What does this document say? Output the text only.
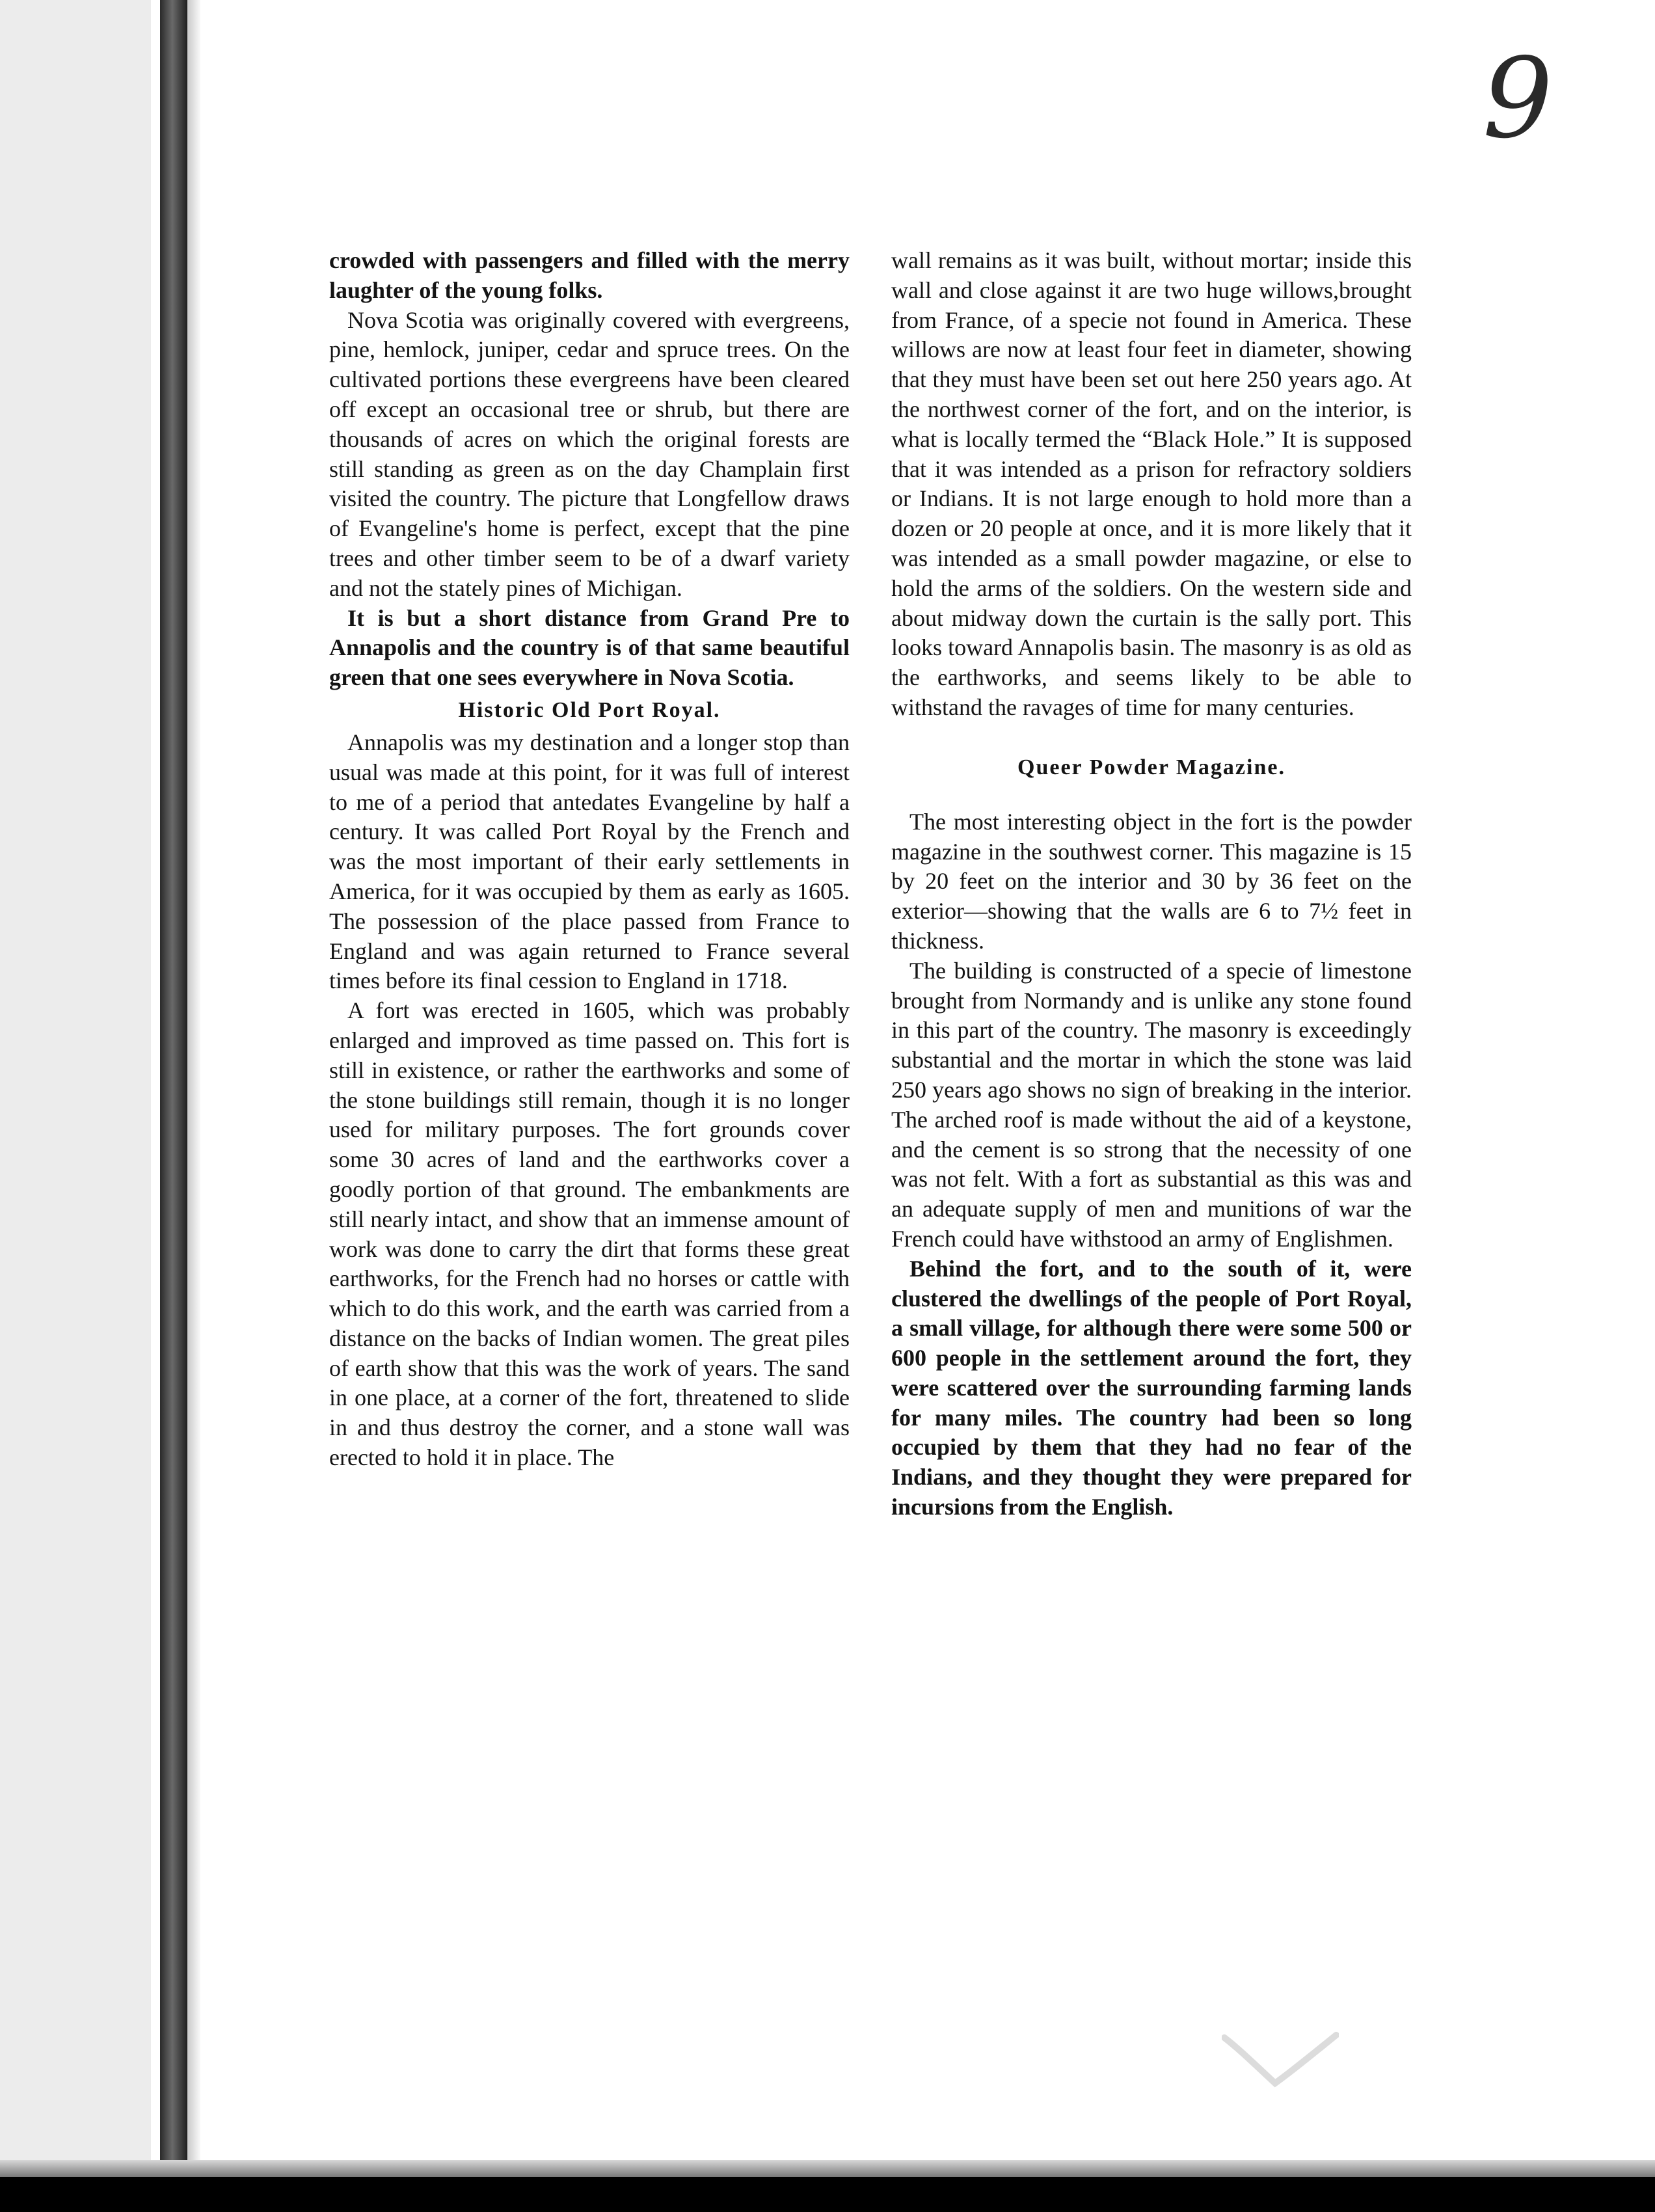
9

crowded with passengers and filled with the merry laughter of the young folks.

Nova Scotia was originally covered with evergreens, pine, hemlock, juniper, cedar and spruce trees. On the cultivated portions these evergreens have been cleared off except an occasional tree or shrub, but there are thousands of acres on which the original forests are still standing as green as on the day Champlain first visited the country. The picture that Longfellow draws of Evangeline's home is perfect, except that the pine trees and other timber seem to be of a dwarf variety and not the stately pines of Michigan.

It is but a short distance from Grand Pre to Annapolis and the country is of that same beautiful green that one sees everywhere in Nova Scotia.

Historic Old Port Royal.

Annapolis was my destination and a longer stop than usual was made at this point, for it was full of interest to me of a period that antedates Evangeline by half a century. It was called Port Royal by the French and was the most important of their early settlements in America, for it was occupied by them as early as 1605. The possession of the place passed from France to England and was again returned to France several times before its final cession to England in 1718.

A fort was erected in 1605, which was probably enlarged and improved as time passed on. This fort is still in existence, or rather the earthworks and some of the stone buildings still remain, though it is no longer used for military purposes. The fort grounds cover some 30 acres of land and the earthworks cover a goodly portion of that ground. The embankments are still nearly intact, and show that an immense amount of work was done to carry the dirt that forms these great earthworks, for the French had no horses or cattle with which to do this work, and the earth was carried from a distance on the backs of Indian women. The great piles of earth show that this was the work of years. The sand in one place, at a corner of the fort, threatened to slide in and thus destroy the corner, and a stone wall was erected to hold it in place. The

wall remains as it was built, without mortar; inside this wall and close against it are two huge willows,brought from France, of a specie not found in America. These willows are now at least four feet in diameter, showing that they must have been set out here 250 years ago. At the northwest corner of the fort, and on the interior, is what is locally termed the “Black Hole.” It is supposed that it was intended as a prison for refractory soldiers or Indians. It is not large enough to hold more than a dozen or 20 people at once, and it is more likely that it was intended as a small powder magazine, or else to hold the arms of the soldiers. On the western side and about midway down the curtain is the sally port. This looks toward Annapolis basin. The masonry is as old as the earthworks, and seems likely to be able to withstand the ravages of time for many centuries.

Queer Powder Magazine.

The most interesting object in the fort is the powder magazine in the southwest corner. This magazine is 15 by 20 feet on the interior and 30 by 36 feet on the exterior—showing that the walls are 6 to 7½ feet in thickness.

The building is constructed of a specie of limestone brought from Normandy and is unlike any stone found in this part of the country. The masonry is exceedingly substantial and the mortar in which the stone was laid 250 years ago shows no sign of breaking in the interior. The arched roof is made without the aid of a keystone, and the cement is so strong that the necessity of one was not felt. With a fort as substantial as this was and an adequate supply of men and munitions of war the French could have withstood an army of Englishmen.

Behind the fort, and to the south of it, were clustered the dwellings of the people of Port Royal, a small village, for although there were some 500 or 600 people in the settlement around the fort, they were scattered over the surrounding farming lands for many miles. The country had been so long occupied by them that they had no fear of the Indians, and they thought they were prepared for incursions from the English.
